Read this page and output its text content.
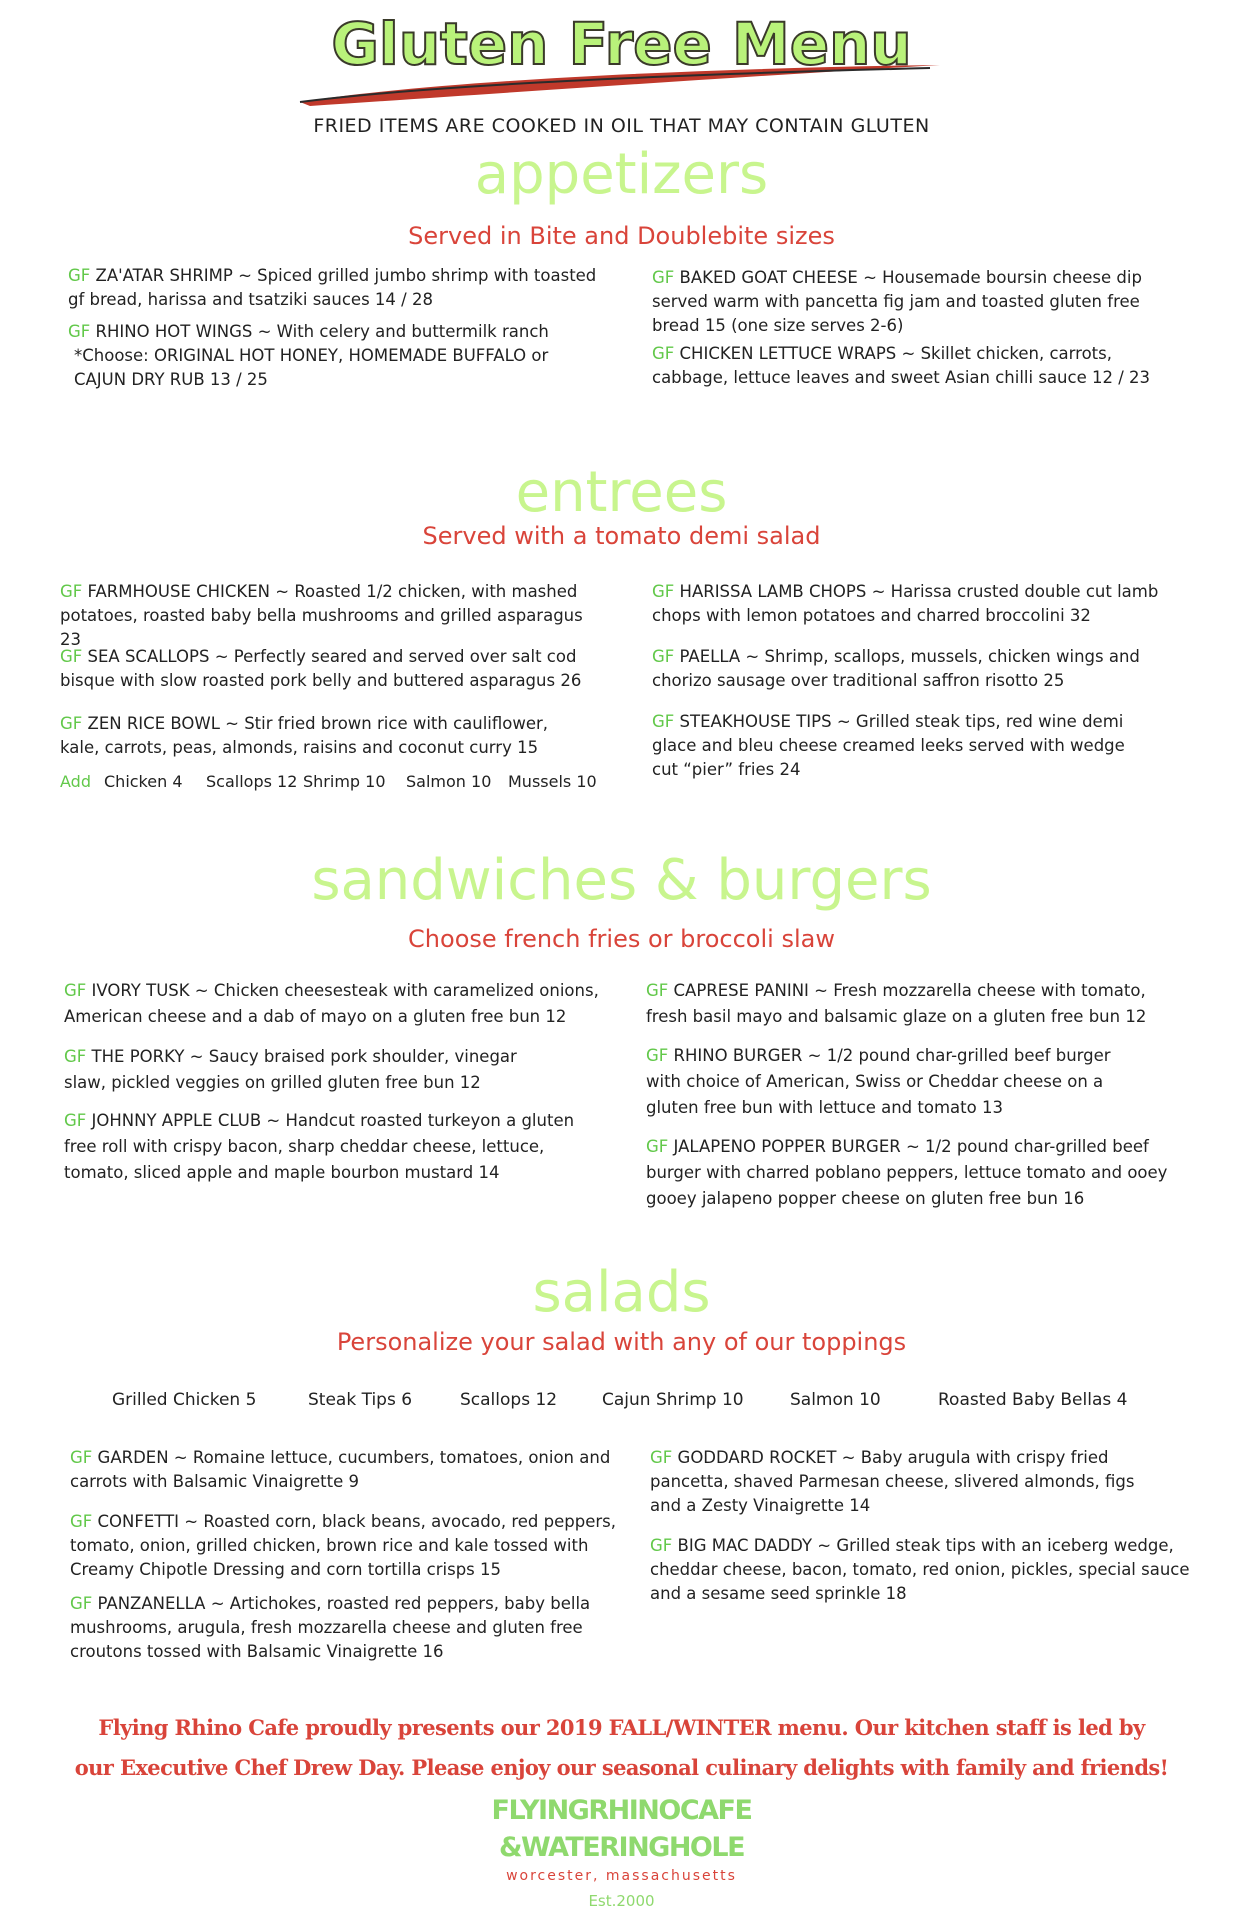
Gluten Free Menu
FRIED ITEMS ARE COOKED IN OIL THAT MAY CONTAIN GLUTEN
appetizers
Served in Bite and Doublebite sizes
GF ZA'ATAR SHRIMP ~ Spiced grilled jumbo shrimp with toasted gf bread, harissa and tsatziki sauces 14 / 28
GF RHINO HOT WINGS ~ With celery and buttermilk ranch
*Choose: ORIGINAL HOT HONEY, HOMEMADE BUFFALO or CAJUN DRY RUB 13 / 25
GF BAKED GOAT CHEESE ~ Housemade boursin cheese dip served warm with pancetta fig jam and toasted gluten free bread 15 (one size serves 2-6)
GF CHICKEN LETTUCE WRAPS ~ Skillet chicken, carrots, cabbage, lettuce leaves and sweet Asian chilli sauce 12 / 23
entrees
Served with a tomato demi salad
GF FARMHOUSE CHICKEN ~ Roasted 1/2 chicken, with mashed potatoes, roasted baby bella mushrooms and grilled asparagus 23
GF SEA SCALLOPS ~ Perfectly seared and served over salt cod bisque with slow roasted pork belly and buttered asparagus 26
GF ZEN RICE BOWL ~ Stir fried brown rice with cauliflower, kale, carrots, peas, almonds, raisins and coconut curry 15
Add Chicken 4 Scallops 12 Shrimp 10 Salmon 10 Mussels 10
GF HARISSA LAMB CHOPS ~ Harissa crusted double cut lamb chops with lemon potatoes and charred broccolini 32
GF PAELLA ~ Shrimp, scallops, mussels, chicken wings and chorizo sausage over traditional saffron risotto 25
GF STEAKHOUSE TIPS ~ Grilled steak tips, red wine demi glace and bleu cheese creamed leeks served with wedge cut “pier” fries 24
sandwiches & burgers
Choose french fries or broccoli slaw
GF IVORY TUSK ~ Chicken cheesesteak with caramelized onions, American cheese and a dab of mayo on a gluten free bun 12
GF THE PORKY ~ Saucy braised pork shoulder, vinegar slaw, pickled veggies on grilled gluten free bun 12
GF JOHNNY APPLE CLUB ~ Handcut roasted turkeyon a gluten free roll with crispy bacon, sharp cheddar cheese, lettuce, tomato, sliced apple and maple bourbon mustard 14
GF CAPRESE PANINI ~ Fresh mozzarella cheese with tomato, fresh basil mayo and balsamic glaze on a gluten free bun 12
GF RHINO BURGER ~ 1/2 pound char-grilled beef burger with choice of American, Swiss or Cheddar cheese on a gluten free bun with lettuce and tomato 13
GF JALAPENO POPPER BURGER ~ 1/2 pound char-grilled beef burger with charred poblano peppers, lettuce tomato and ooey gooey jalapeno popper cheese on gluten free bun 16
salads
Personalize your salad with any of our toppings
Grilled Chicken 5	Steak Tips 6	Scallops 12	Cajun Shrimp 10	Salmon 10	Roasted Baby Bellas 4
GF GARDEN ~ Romaine lettuce, cucumbers, tomatoes, onion and carrots with Balsamic Vinaigrette 9
GF CONFETTI ~ Roasted corn, black beans, avocado, red peppers, tomato, onion, grilled chicken, brown rice and kale tossed with Creamy Chipotle Dressing and corn tortilla crisps 15
GF PANZANELLA ~ Artichokes, roasted red peppers, baby bella mushrooms, arugula, fresh mozzarella cheese and gluten free croutons tossed with Balsamic Vinaigrette 16
GF GODDARD ROCKET ~ Baby arugula with crispy fried pancetta, shaved Parmesan cheese, slivered almonds, figs and a Zesty Vinaigrette 14
GF BIG MAC DADDY ~ Grilled steak tips with an iceberg wedge, cheddar cheese, bacon, tomato, red onion, pickles, special sauce and a sesame seed sprinkle 18
Flying Rhino Cafe proudly presents our 2019 FALL/WINTER menu. Our kitchen staff is led by
our Executive Chef Drew Day. Please enjoy our seasonal culinary delights with family and friends!
FLYINGRHINOCAFE
&WATERINGHOLE
worcester, massachusetts
Est.2000
